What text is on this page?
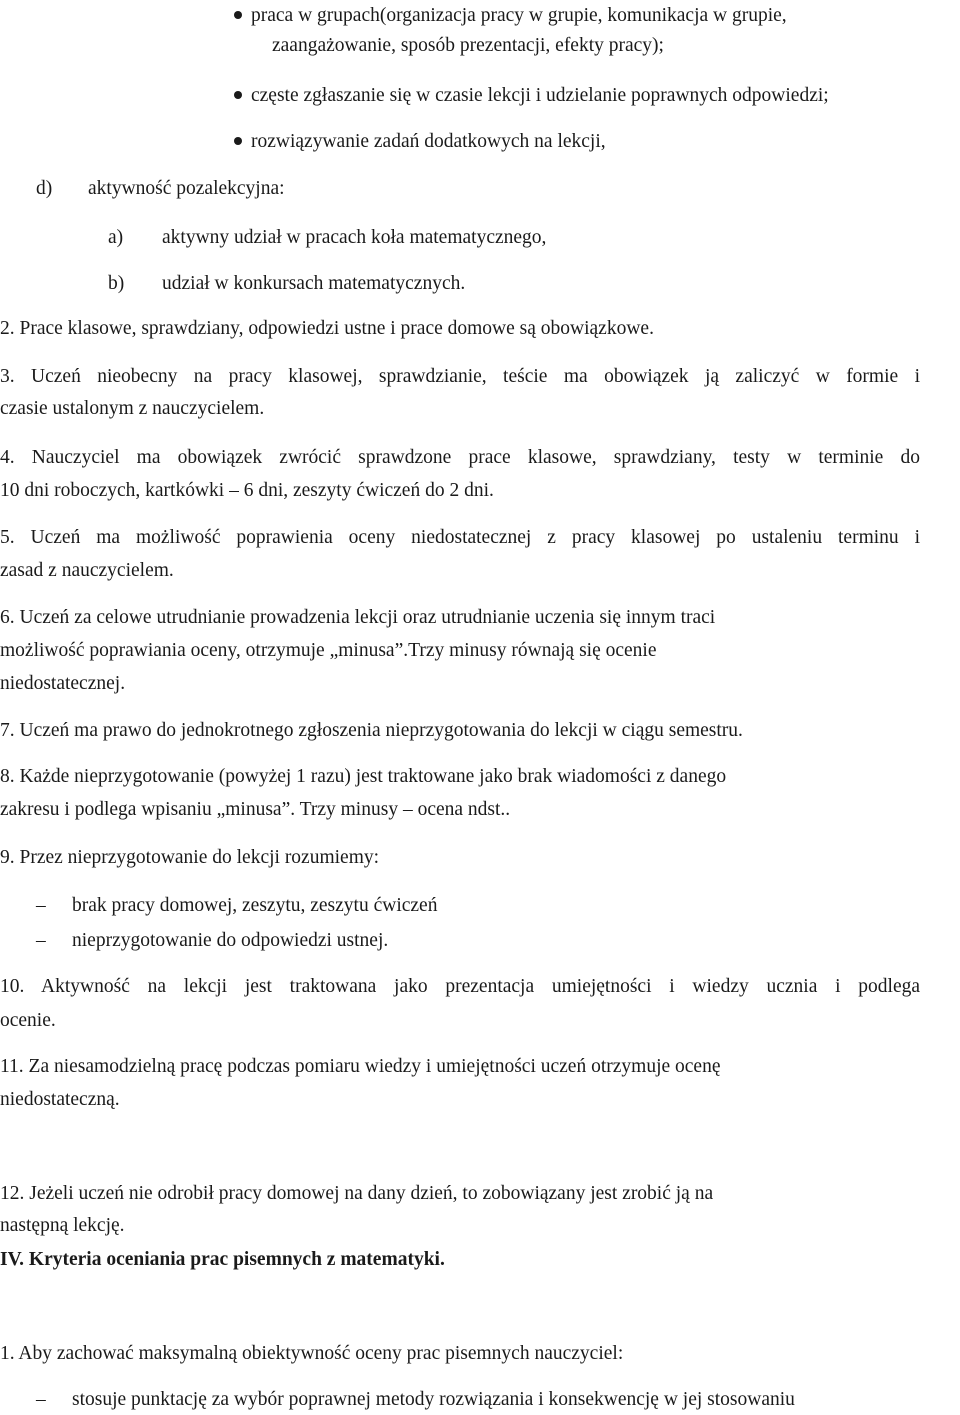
praca w grupach(organizacja pracy w grupie, komunikacja w grupie,
zaangażowanie, sposób prezentacji, efekty pracy);
częste zgłaszanie się w czasie lekcji i udzielanie poprawnych odpowiedzi;
rozwiązywanie zadań dodatkowych na lekcji,
d) aktywność pozalekcyjna:
a) aktywny udział w pracach koła matematycznego,
b) udział w konkursach matematycznych.
2. Prace klasowe, sprawdziany, odpowiedzi ustne i prace domowe są obowiązkowe.
3. Uczeń nieobecny na pracy klasowej, sprawdzianie, teście ma obowiązek ją zaliczyć w formie i
czasie ustalonym z nauczycielem.
4. Nauczyciel ma obowiązek zwrócić sprawdzone prace klasowe, sprawdziany, testy w terminie do
10 dni roboczych, kartkówki – 6 dni, zeszyty ćwiczeń do 2 dni.
5. Uczeń ma możliwość poprawienia oceny niedostatecznej z pracy klasowej po ustaleniu terminu i
zasad z nauczycielem.
6. Uczeń za celowe utrudnianie prowadzenia lekcji oraz utrudnianie uczenia się innym traci
możliwość poprawiania oceny, otrzymuje „minusa”.Trzy minusy równają się ocenie
niedostatecznej.
7. Uczeń ma prawo do jednokrotnego zgłoszenia nieprzygotowania do lekcji w ciągu semestru.
8. Każde nieprzygotowanie (powyżej 1 razu) jest traktowane jako brak wiadomości z danego
zakresu i podlega wpisaniu „minusa”. Trzy minusy – ocena ndst..
9. Przez nieprzygotowanie do lekcji rozumiemy:
– brak pracy domowej, zeszytu, zeszytu ćwiczeń
– nieprzygotowanie do odpowiedzi ustnej.
10. Aktywność na lekcji jest traktowana jako prezentacja umiejętności i wiedzy ucznia i podlega
ocenie.
11. Za niesamodzielną pracę podczas pomiaru wiedzy i umiejętności uczeń otrzymuje ocenę
niedostateczną.
12. Jeżeli uczeń nie odrobił pracy domowej na dany dzień, to zobowiązany jest zrobić ją na
następną lekcję.
IV. Kryteria oceniania prac pisemnych z matematyki.
1. Aby zachować maksymalną obiektywność oceny prac pisemnych nauczyciel:
– stosuje punktację za wybór poprawnej metody rozwiązania i konsekwencję w jej stosowaniu
